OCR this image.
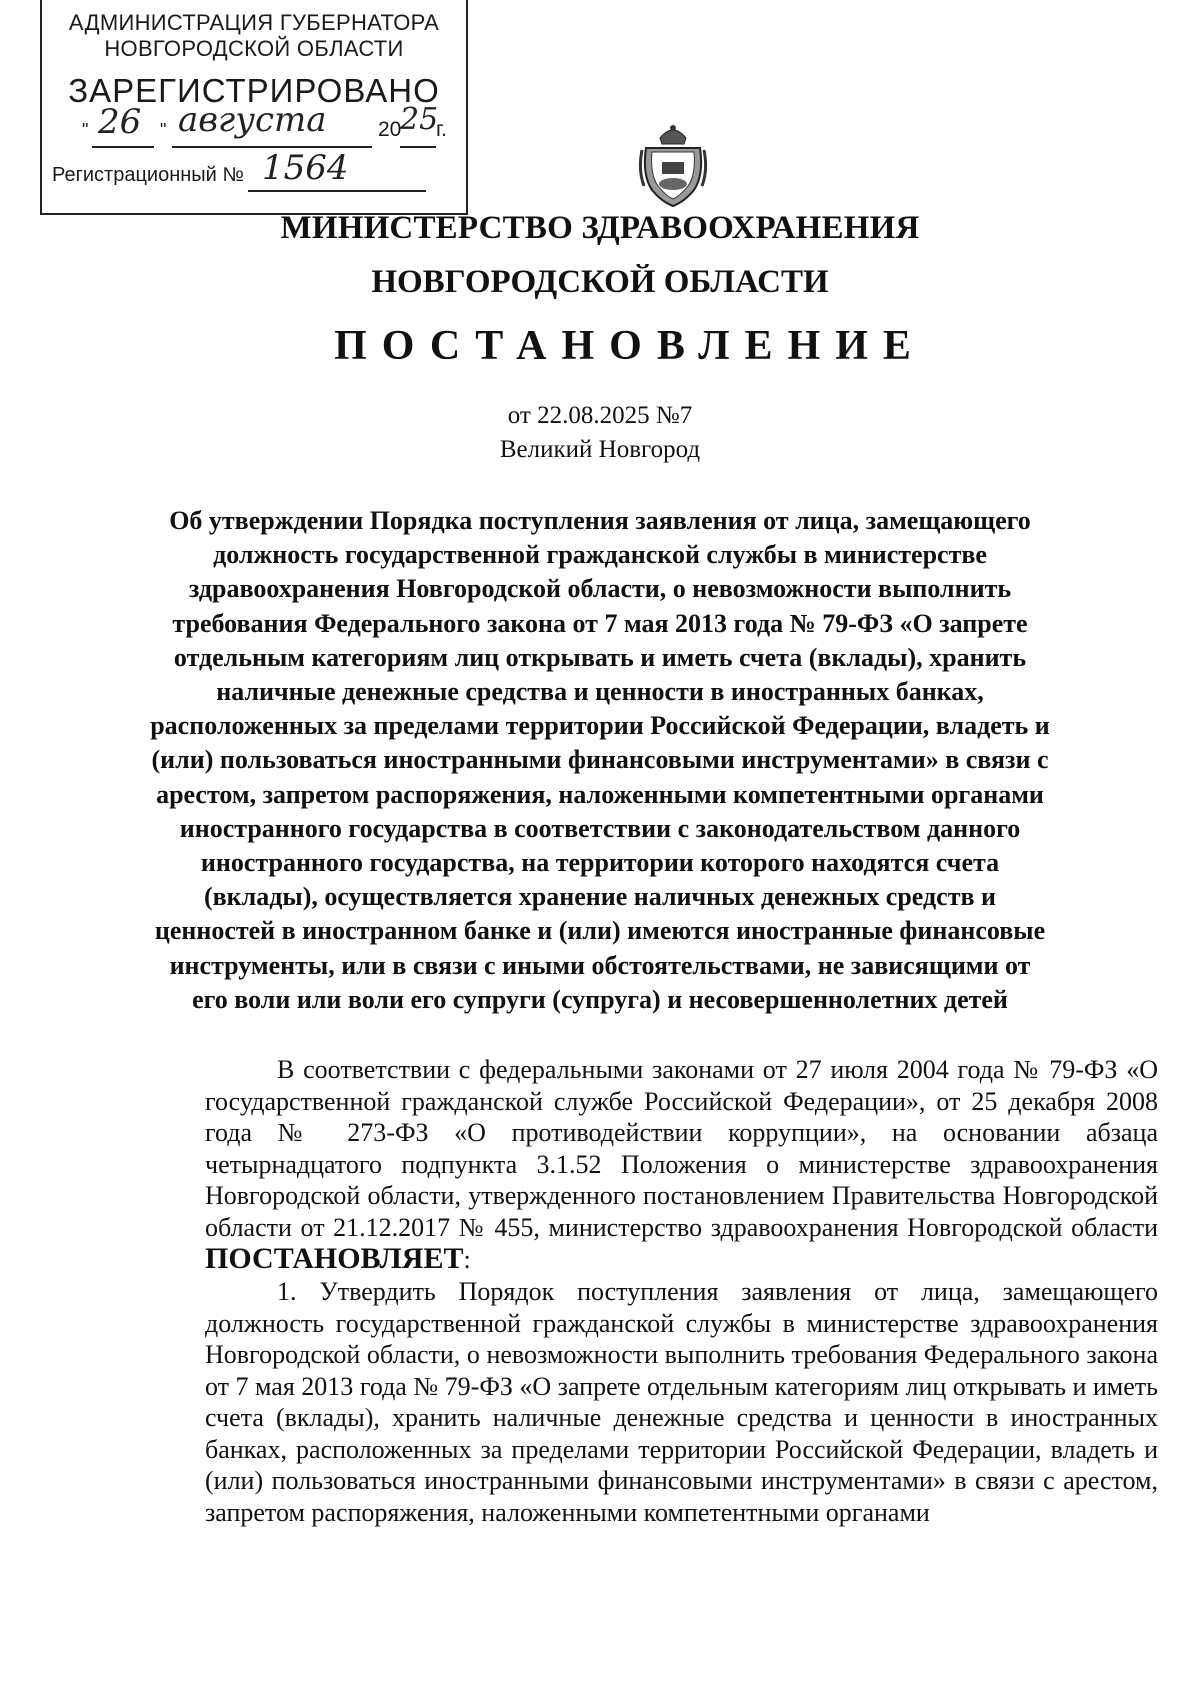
АДМИНИСТРАЦИЯ ГУБЕРНАТОРА
НОВГОРОДСКОЙ ОБЛАСТИ
ЗАРЕГИСТРИРОВАНО
" 26 " августа 20
25
г.
Регистрационный № 1564
МИНИСТЕРСТВО ЗДРАВООХРАНЕНИЯ
НОВГОРОДСКОЙ ОБЛАСТИ
ПОСТАНОВЛЕНИЕ
от 22.08.2025 №7
Великий Новгород
Об утверждении Порядка поступления заявления от лица, замещающего должность государственной гражданской службы в министерстве здравоохранения Новгородской области, о невозможности выполнить требования Федерального закона от 7 мая 2013 года № 79-ФЗ «О запрете отдельным категориям лиц открывать и иметь счета (вклады), хранить наличные денежные средства и ценности в иностранных банках, расположенных за пределами территории Российской Федерации, владеть и (или) пользоваться иностранными финансовыми инструментами» в связи с арестом, запретом распоряжения, наложенными компетентными органами иностранного государства в соответствии с законодательством данного иностранного государства, на территории которого находятся счета (вклады), осуществляется хранение наличных денежных средств и ценностей в иностранном банке и (или) имеются иностранные финансовые инструменты, или в связи с иными обстоятельствами, не зависящими от его воли или воли его супруги (супруга) и несовершеннолетних детей
В соответствии с федеральными законами от 27 июля 2004 года № 79-ФЗ «О государственной гражданской службе Российской Федерации», от 25 декабря 2008 года № 273-ФЗ «О противодействии коррупции», на основании абзаца четырнадцатого подпункта 3.1.52 Положения о министерстве здравоохранения Новгородской области, утвержденного постановлением Правительства Новгородской области от 21.12.2017 № 455, министерство здравоохранения Новгородской области ПОСТАНОВЛЯЕТ:
1. Утвердить Порядок поступления заявления от лица, замещающего должность государственной гражданской службы в министерстве здравоохранения Новгородской области, о невозможности выполнить требования Федерального закона от 7 мая 2013 года № 79-ФЗ «О запрете отдельным категориям лиц открывать и иметь счета (вклады), хранить наличные денежные средства и ценности в иностранных банках, расположенных за пределами территории Российской Федерации, владеть и (или) пользоваться иностранными финансовыми инструментами» в связи с арестом, запретом распоряжения, наложенными компетентными органами
